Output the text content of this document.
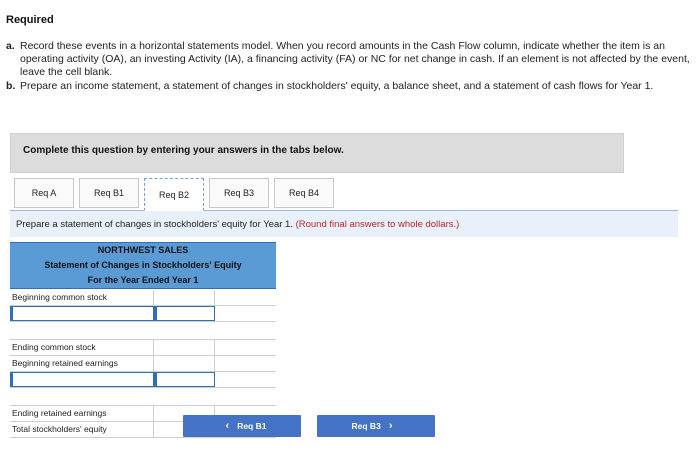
Required
a. Record these events in a horizontal statements model. When you record amounts in the Cash Flow column, indicate whether the item is an operating activity (OA), an investing Activity (IA), a financing activity (FA) or NC for net change in cash. If an element is not affected by the event, leave the cell blank.
b. Prepare an income statement, a statement of changes in stockholders' equity, a balance sheet, and a statement of cash flows for Year 1.
Complete this question by entering your answers in the tabs below.
Req A	Req B1	Req B2	Req B3	Req B4
Prepare a statement of changes in stockholders' equity for Year 1. (Round final answers to whole dollars.)
NORTHWEST SALES
Statement of Changes in Stockholders' Equity
For the Year Ended Year 1
Beginning common stock
Ending common stock
Beginning retained earnings
Ending retained earnings
Total stockholders' equity	‹ Req B1	Req B3 ›
